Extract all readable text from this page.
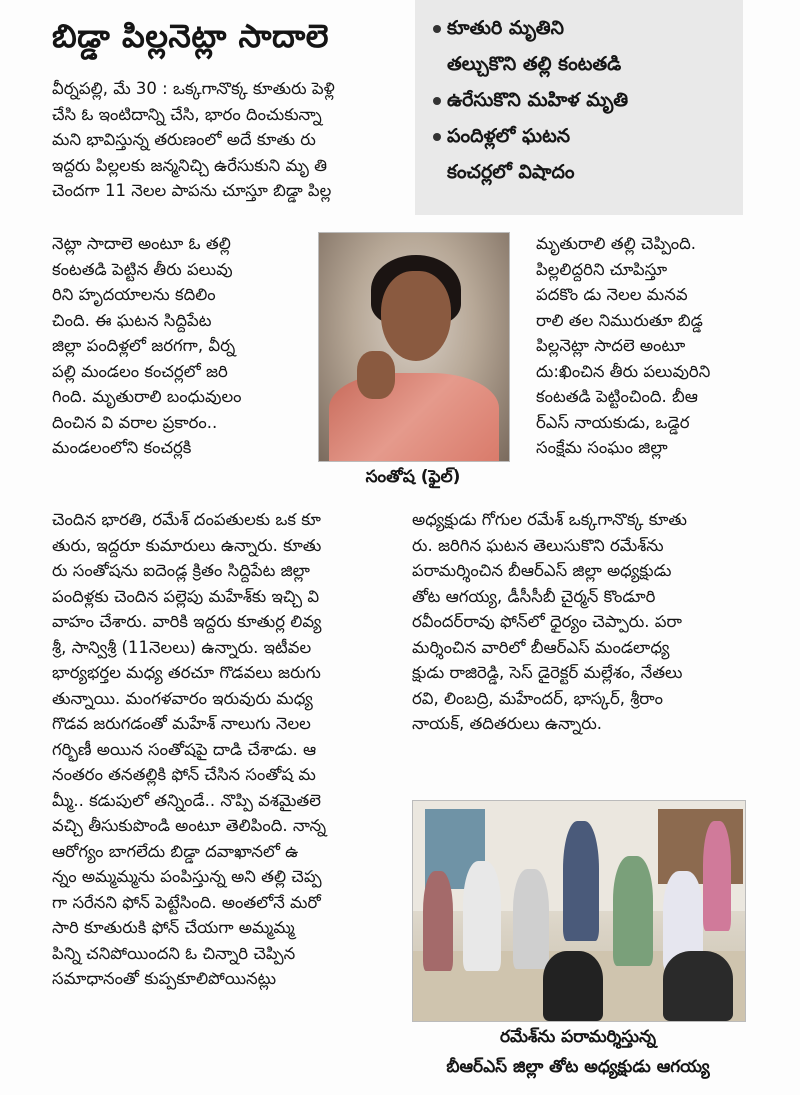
బిడ్డా పిల్లనెట్లా సాదాలె	కూతురి మృతిని
తల్చుకొని తల్లి కంటతడి
ఉరేసుకొని మహిళ మృతి
పందిళ్లలో ఘటన
కంచర్లలో విషాదం
వీర్నపల్లి, మే 30 : ఒక్కగానొక్క కూతురు పెళ్లి
చేసి ఓ ఇంటిదాన్ని చేసి, భారం దించుకున్నా
మని భావిస్తున్న తరుణంలో అదే కూతు రు
ఇద్దరు పిల్లలకు జన్మనిచ్చి ఉరేసుకుని మృ తి
చెందగా 11 నెలల పాపను చూస్తూ బిడ్డా పిల్ల
నెట్లా సాదాలె అంటూ ఓ తల్లి
కంటతడి పెట్టిన తీరు పలువు
రిని హృదయాలను కదిలిం
చింది. ఈ ఘటన సిద్దిపేట
జిల్లా పందిళ్లలో జరగగా, వీర్న
పల్లి మండలం కంచర్లలో జరి
గింది. మృతురాలి బంధువులం
దించిన వి వరాల ప్రకారం..
మండలంలోని కంచర్లకి
చెందిన భారతి, రమేశ్ దంపతులకు ఒక కూ
తురు, ఇద్దరూ కుమారులు ఉన్నారు. కూతు
రు సంతోషను ఐదెండ్ల క్రితం సిద్దిపేట జిల్లా
పందిళ్లకు చెందిన పల్లెపు మహేశ్‌కు ఇచ్చి వి
వాహం చేశారు. వారికి ఇద్దరు కూతుర్ల లివ్య
శ్రీ, సాన్విశ్రీ (11నెలలు) ఉన్నారు. ఇటీవల
భార్యభర్తల మధ్య తరచూ గొడవలు జరుగు
తున్నాయి. మంగళవారం ఇరువురు మధ్య
గొడవ జరుగడంతో మహేశ్ నాలుగు నెలల
గర్భిణీ అయిన సంతోషపై దాడి చేశాడు. ఆ
నంతరం తనతల్లికి ఫోన్ చేసిన సంతోష మ
మ్మీ.. కడుపులో తన్నిండే.. నొప్పి వశమైతలె
వచ్చి తీసుకుపొండి అంటూ తెలిపింది. నాన్న
ఆరోగ్యం బాగలేదు బిడ్డా దవాఖానలో ఉ
న్నం అమ్మమ్మను పంపిస్తున్న అని తల్లి చెప్ప
గా సరేనని ఫోన్ పెట్టేసింది. అంతలోనే మరో
సారి కూతురుకి ఫోన్ చేయగా అమ్మమ్మ
పిన్ని చనిపోయిందని ఓ చిన్నారి చెప్పిన
సమాధానంతో కుప్పకూలిపోయినట్లు
మృతురాలి తల్లి చెప్పింది.
పిల్లలిద్దరిని చూపిస్తూ
పదకొం డు నెలల మనవ
రాలి తల నిమురుతూ బిడ్డ
పిల్లనెట్లా సాదలె అంటూ
దు:ఖించిన తీరు పలువురిని
కంటతడి పెట్టించింది. బీఆ
ర్ఎస్ నాయకుడు, ఒడ్డెర
సంక్షేమ సంఘం జిల్లా
అధ్యక్షుడు గోగుల రమేశ్ ఒక్కగానొక్క కూతు
రు. జరిగిన ఘటన తెలుసుకొని రమేశ్‌ను
పరామర్శించిన బీఆర్ఎస్ జిల్లా అధ్యక్షుడు
తోట ఆగయ్య, డీసీసీబీ చైర్మన్ కొండూరి
రవీందర్‌రావు ఫోన్‌లో ధైర్యం చెప్పారు. పరా
మర్శించిన వారిలో బీఆర్ఎస్ మండలాధ్య
క్షుడు రాజిరెడ్డి, సెస్ డైరెక్టర్ మల్లేశం, నేతలు
రవి, లింబద్రి, మహేందర్, భాస్కర్, శ్రీరాం
నాయక్, తదితరులు ఉన్నారు.
సంతోష (ఫైల్)
రమేశ్‌ను పరామర్శిస్తున్న
బీఆర్ఎస్ జిల్లా తోట అధ్యక్షుడు ఆగయ్య
